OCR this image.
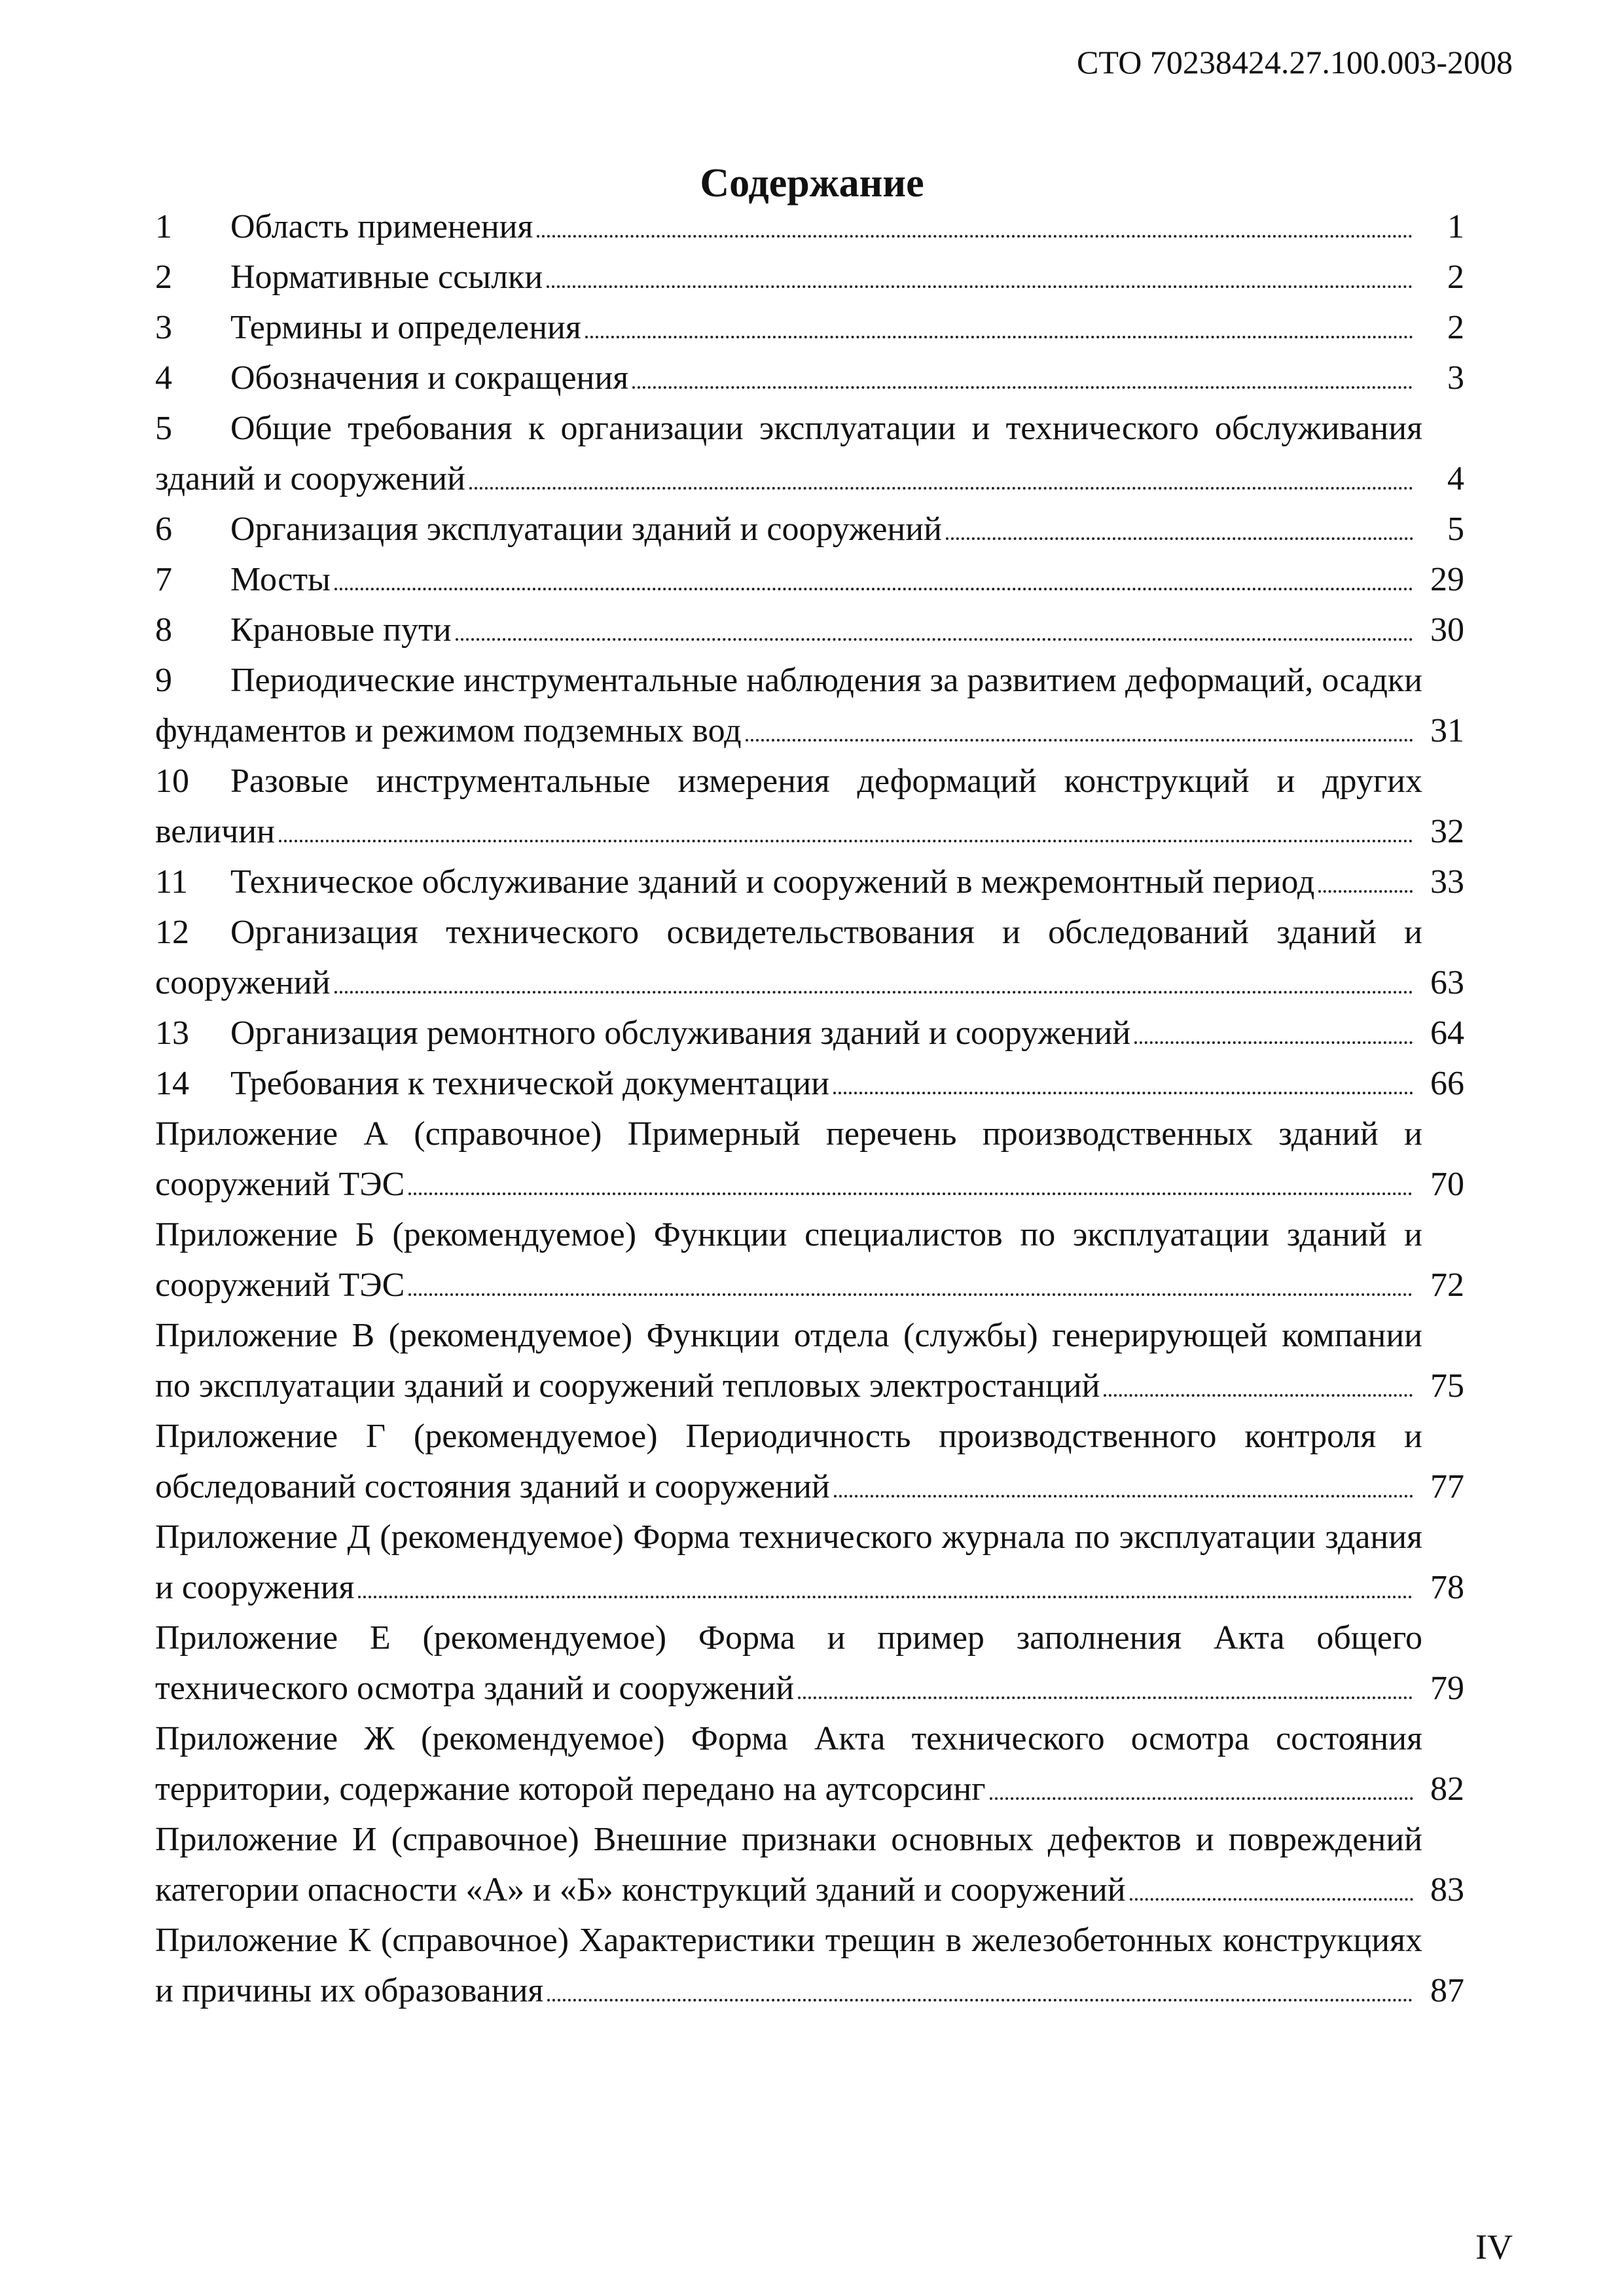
СТО 70238424.27.100.003-2008
Содержание
1 Область применения	1
2 Нормативные ссылки	2
3 Термины и определения	2
4 Обозначения и сокращения	3
5 Общие требования к организации эксплуатации и технического обслуживания зданий и сооружений	4
6 Организация эксплуатации зданий и сооружений	5
7 Мосты	29
8 Крановые пути	30
9 Периодические инструментальные наблюдения за развитием деформаций, осадки фундаментов и режимом подземных вод	31
10 Разовые инструментальные измерения деформаций конструкций и других величин	32
11 Техническое обслуживание зданий и сооружений в межремонтный период	33
12 Организация технического освидетельствования и обследований зданий и сооружений	63
13 Организация ремонтного обслуживания зданий и сооружений	64
14 Требования к технической документации	66
Приложение А (справочное) Примерный перечень производственных зданий и сооружений ТЭС	70
Приложение Б (рекомендуемое) Функции специалистов по эксплуатации зданий и сооружений ТЭС	72
Приложение В (рекомендуемое) Функции отдела (службы) генерирующей компании по эксплуатации зданий и сооружений тепловых электростанций	75
Приложение Г (рекомендуемое) Периодичность производственного контроля и обследований состояния зданий и сооружений	77
Приложение Д (рекомендуемое) Форма технического журнала по эксплуатации здания и сооружения	78
Приложение Е (рекомендуемое) Форма и пример заполнения Акта общего технического осмотра зданий и сооружений	79
Приложение Ж (рекомендуемое) Форма Акта технического осмотра состояния территории, содержание которой передано на аутсорсинг	82
Приложение И (справочное) Внешние признаки основных дефектов и повреждений категории опасности «А» и «Б» конструкций зданий и сооружений	83
Приложение К (справочное) Характеристики трещин в железобетонных конструкциях и причины их образования	87
IV
